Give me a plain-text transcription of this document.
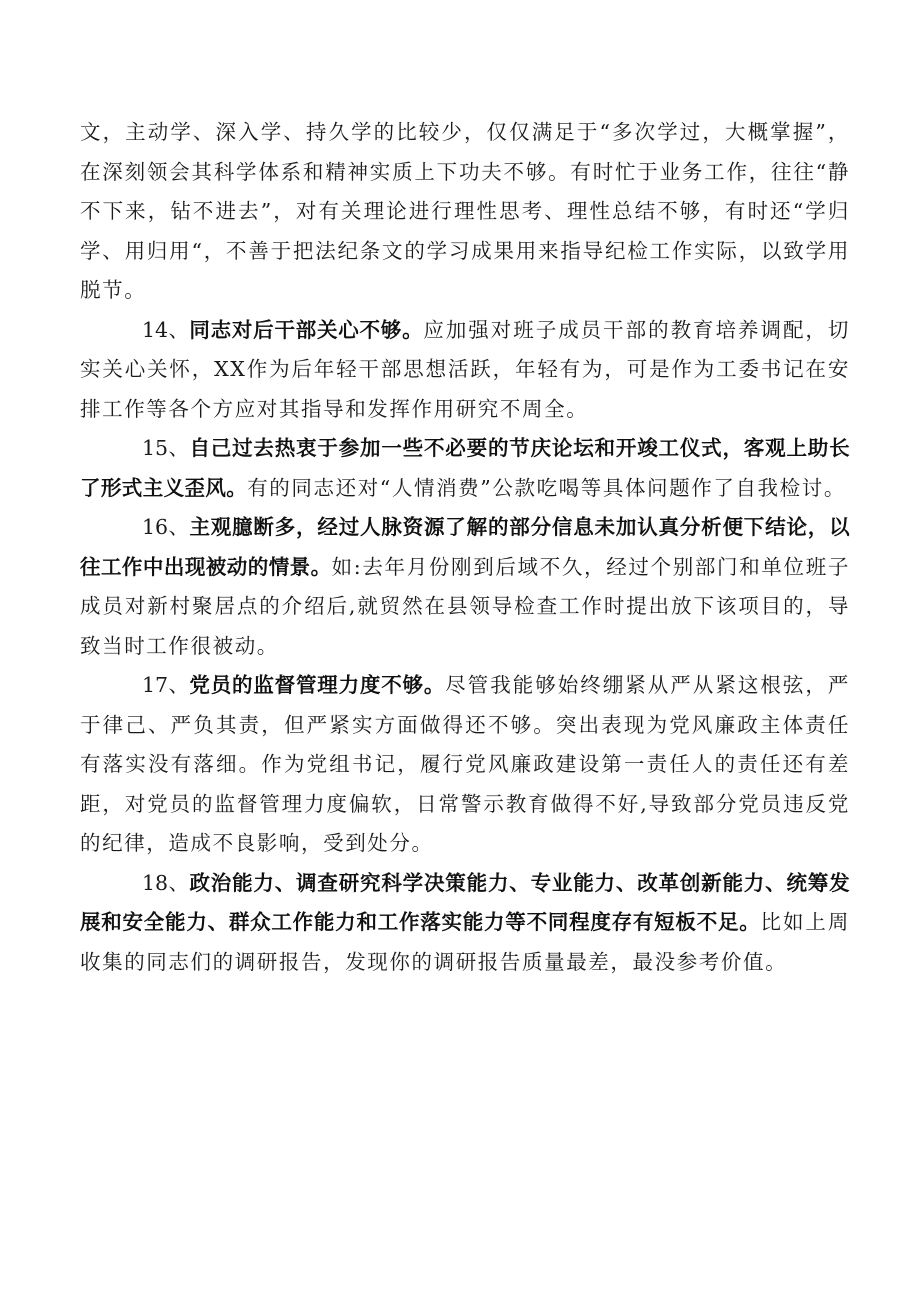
文，主动学、深入学、持久学的比较少，仅仅满足于“多次学过，大概掌握”，在深刻领会其科学体系和精神实质上下功夫不够。有时忙于业务工作，往往“静不下来，钻不进去”，对有关理论进行理性思考、理性总结不够，有时还“学归学、用归用“，不善于把法纪条文的学习成果用来指导纪检工作实际，以致学用脱节。

14、同志对后干部关心不够。应加强对班子成员干部的教育培养调配，切实关心关怀，XX作为后年轻干部思想活跃，年轻有为，可是作为工委书记在安排工作等各个方应对其指导和发挥作用研究不周全。

15、自己过去热衷于参加一些不必要的节庆论坛和开竣工仪式，客观上助长了形式主义歪风。有的同志还对“人情消费”公款吃喝等具体问题作了自我检讨。

16、主观臆断多，经过人脉资源了解的部分信息未加认真分析便下结论，以往工作中出现被动的情景。如:去年月份刚到后域不久，经过个别部门和单位班子成员对新村聚居点的介绍后,就贸然在县领导检查工作时提出放下该项目的，导致当时工作很被动。

17、党员的监督管理力度不够。尽管我能够始终绷紧从严从紧这根弦，严于律己、严负其责，但严紧实方面做得还不够。突出表现为党风廉政主体责任有落实没有落细。作为党组书记，履行党风廉政建设第一责任人的责任还有差距，对党员的监督管理力度偏软，日常警示教育做得不好,导致部分党员违反党的纪律，造成不良影响，受到处分。

18、政治能力、调查研究科学决策能力、专业能力、改革创新能力、统筹发展和安全能力、群众工作能力和工作落实能力等不同程度存有短板不足。比如上周收集的同志们的调研报告，发现你的调研报告质量最差，最没参考价值。
